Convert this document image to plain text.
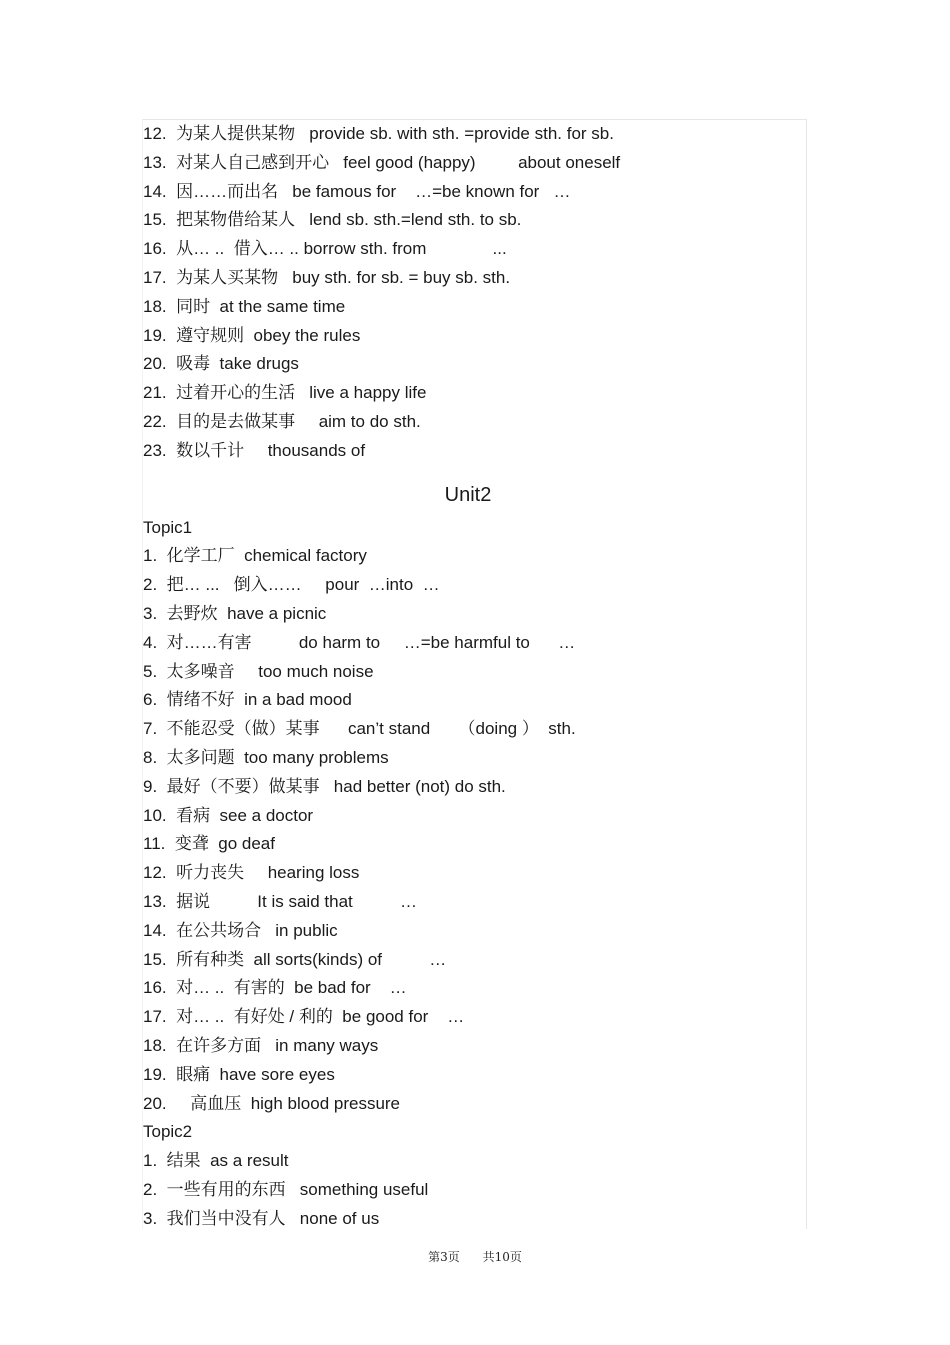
12.  为某人提供某物   provide sb. with sth. =provide sth. for sb.
13.  对某人自己感到开心   feel good (happy)         about oneself
14.  因……而出名   be famous for    …=be known for   …
15.  把某物借给某人   lend sb. sth.=lend sth. to sb.
16.  从… ..  借入… .. borrow sth. from              ...
17.  为某人买某物   buy sth. for sb. = buy sb. sth.
18.  同时  at the same time
19.  遵守规则  obey the rules
20.  吸毒  take drugs
21.  过着开心的生活   live a happy life
22.  目的是去做某事     aim to do sth.
23.  数以千计     thousands of
Unit2
Topic1
1.  化学工厂  chemical factory
2.  把… ...   倒入……     pour  …into  …
3.  去野炊  have a picnic
4.  对……有害          do harm to     …=be harmful to      …
5.  太多噪音     too much noise
6.  情绪不好  in a bad mood
7.  不能忍受（做）某事      can’t stand      （doing ）  sth.
8.  太多问题  too many problems
9.  最好（不要）做某事   had better (not) do sth.
10.  看病  see a doctor
11.  变聋  go deaf
12.  听力丧失     hearing loss
13.  据说          It is said that          …
14.  在公共场合   in public
15.  所有种类  all sorts(kinds) of          …
16.  对… ..  有害的  be bad for    …
17.  对… ..  有好处 / 利的  be good for    …
18.  在许多方面   in many ways
19.  眼痛  have sore eyes
20.     高血压  high blood pressure
Topic2
1.  结果  as a result
2.  一些有用的东西   something useful
3.  我们当中没有人   none of us
第3页      共10页
